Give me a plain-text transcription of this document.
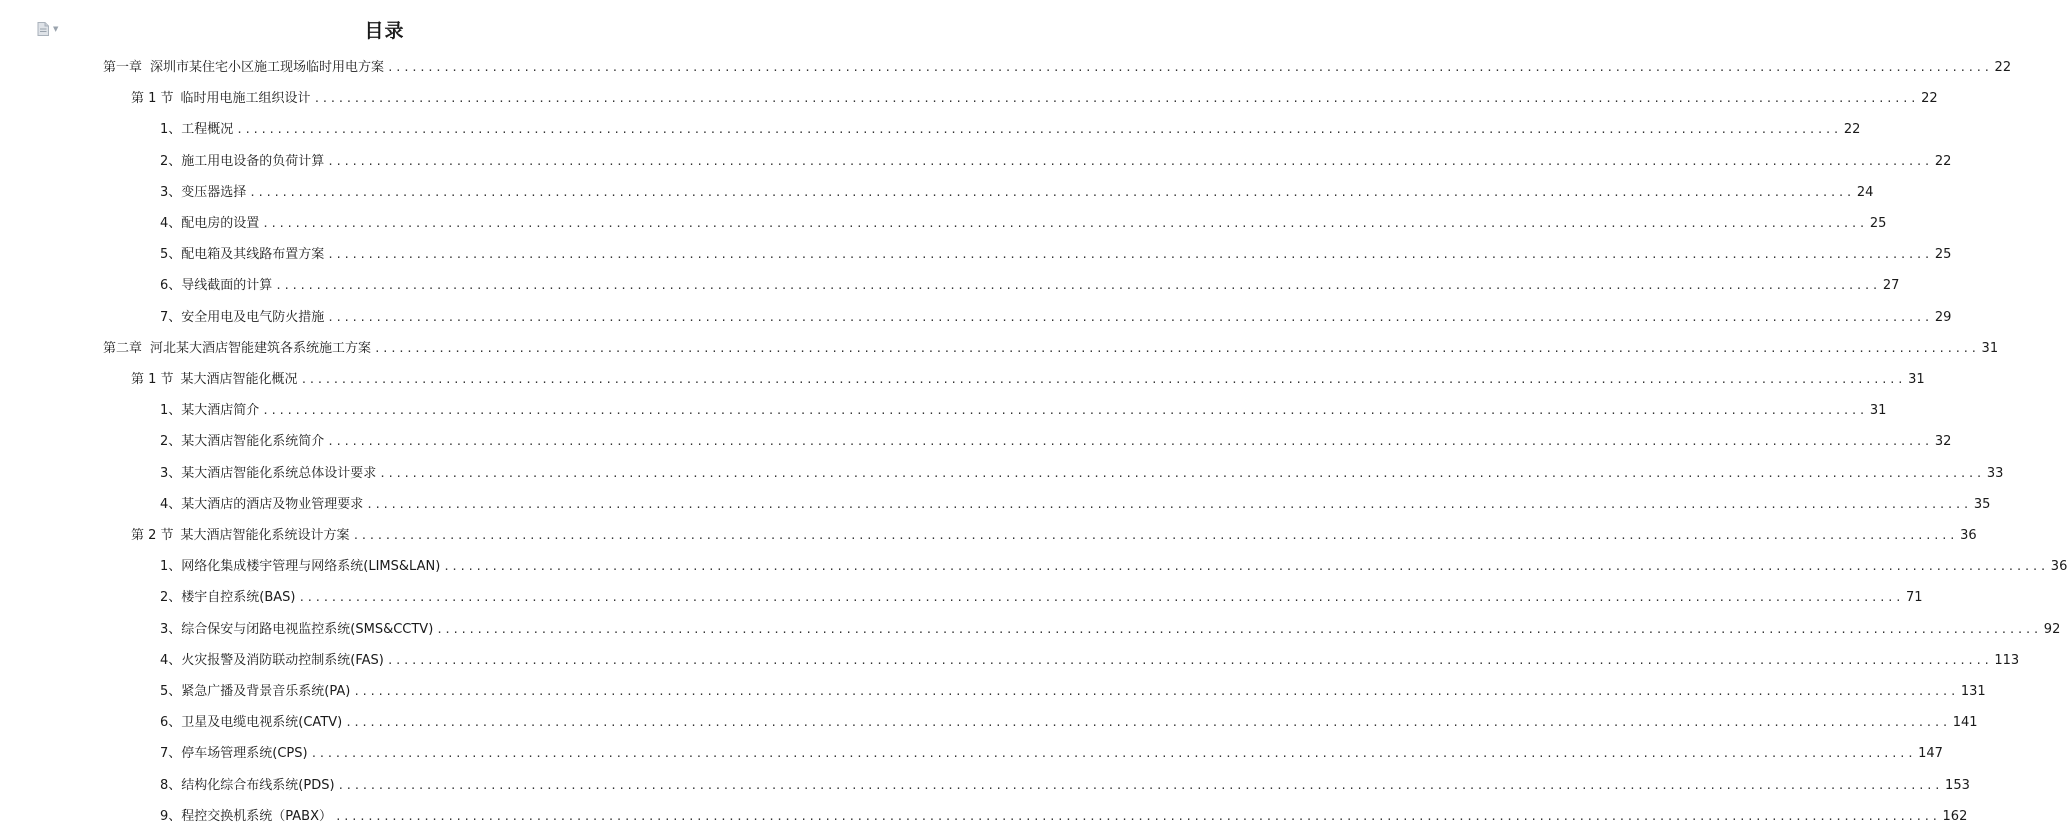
▼	目录
第一章 深圳市某住宅小区施工现场临时用电方案 ........................................................................................................................................................................................................ 22
第 1 节 临时用电施工组织设计 ........................................................................................................................................................................................................ 22
1、 工程概况 ........................................................................................................................................................................................................ 22
2、 施工用电设备的负荷计算 ........................................................................................................................................................................................................ 22
3、 变压器选择 ........................................................................................................................................................................................................ 24
4、 配电房的设置 ........................................................................................................................................................................................................ 25
5、 配电箱及其线路布置方案 ........................................................................................................................................................................................................ 25
6、 导线截面的计算 ........................................................................................................................................................................................................ 27
7、 安全用电及电气防火措施 ........................................................................................................................................................................................................ 29
第二章 河北某大酒店智能建筑各系统施工方案 ........................................................................................................................................................................................................ 31
第 1 节 某大酒店智能化概况 ........................................................................................................................................................................................................ 31
1、 某大酒店简介 ........................................................................................................................................................................................................ 31
2、 某大酒店智能化系统简介 ........................................................................................................................................................................................................ 32
3、 某大酒店智能化系统总体设计要求 ........................................................................................................................................................................................................ 33
4、 某大酒店的酒店及物业管理要求 ........................................................................................................................................................................................................ 35
第 2 节 某大酒店智能化系统设计方案 ........................................................................................................................................................................................................ 36
1、 网络化集成楼宇管理与网络系统(LIMS&LAN) ........................................................................................................................................................................................................ 36
2、 楼宇自控系统(BAS) ........................................................................................................................................................................................................ 71
3、 综合保安与闭路电视监控系统(SMS&CCTV) ........................................................................................................................................................................................................ 92
4、 火灾报警及消防联动控制系统(FAS) ........................................................................................................................................................................................................ 113
5、 紧急广播及背景音乐系统(PA) ........................................................................................................................................................................................................ 131
6、 卫星及电缆电视系统(CATV) ........................................................................................................................................................................................................ 141
7、 停车场管理系统(CPS) ........................................................................................................................................................................................................ 147
8、 结构化综合布线系统(PDS) ........................................................................................................................................................................................................ 153
9、 程控交换机系统（PABX） ........................................................................................................................................................................................................ 162
